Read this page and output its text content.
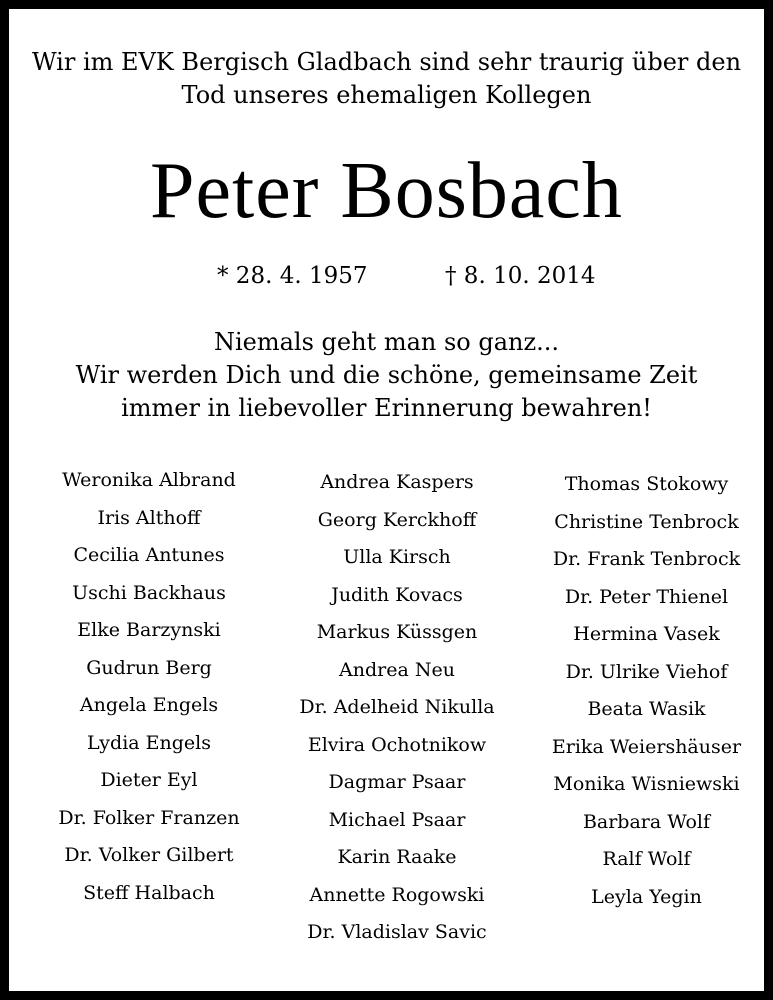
Wir im EVK Bergisch Gladbach sind sehr traurig über den
Tod unseres ehemaligen Kollegen
Peter Bosbach
* 28. 4. 1957	† 8. 10. 2014
Niemals geht man so ganz...
Wir werden Dich und die schöne, gemeinsame Zeit
immer in liebevoller Erinnerung bewahren!
Weronika Albrand
Iris Althoff
Cecilia Antunes
Uschi Backhaus
Elke Barzynski
Gudrun Berg
Angela Engels
Lydia Engels
Dieter Eyl
Dr. Folker Franzen
Dr. Volker Gilbert
Steff Halbach
Andrea Kaspers
Georg Kerckhoff
Ulla Kirsch
Judith Kovacs
Markus Küssgen
Andrea Neu
Dr. Adelheid Nikulla
Elvira Ochotnikow
Dagmar Psaar
Michael Psaar
Karin Raake
Annette Rogowski
Dr. Vladislav Savic
Thomas Stokowy
Christine Tenbrock
Dr. Frank Tenbrock
Dr. Peter Thienel
Hermina Vasek
Dr. Ulrike Viehof
Beata Wasik
Erika Weiershäuser
Monika Wisniewski
Barbara Wolf
Ralf Wolf
Leyla Yegin
